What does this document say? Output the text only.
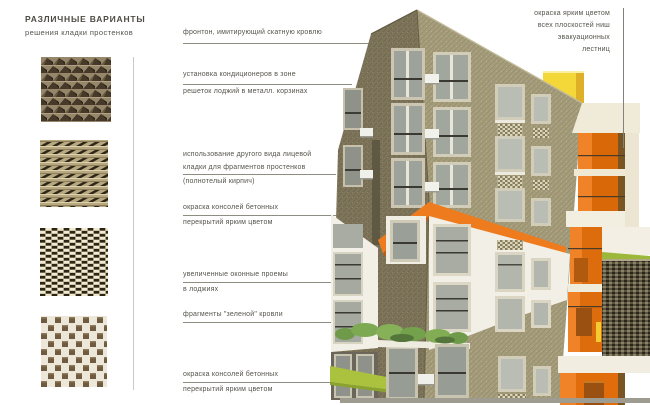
РАЗЛИЧНЫЕ ВАРИАНТЫ
решения кладки простенков	фронтон, имитирующий скатную кровлю
установка кондиционеров в зоне
решеток лоджий в металл. корзинах
использование другого вида лицевой
кладки для фрагментов простенков
(полнотелый кирпич)
окраска консолей бетонных
перекрытий ярким цветом
увеличенные оконные проемы
в лоджиях
фрагменты "зеленой" кровли
окраска консолей бетонных
перекрытий ярким цветом
окраска ярким цветом
всех плоскостей ниш
эвакуационных
лестниц
